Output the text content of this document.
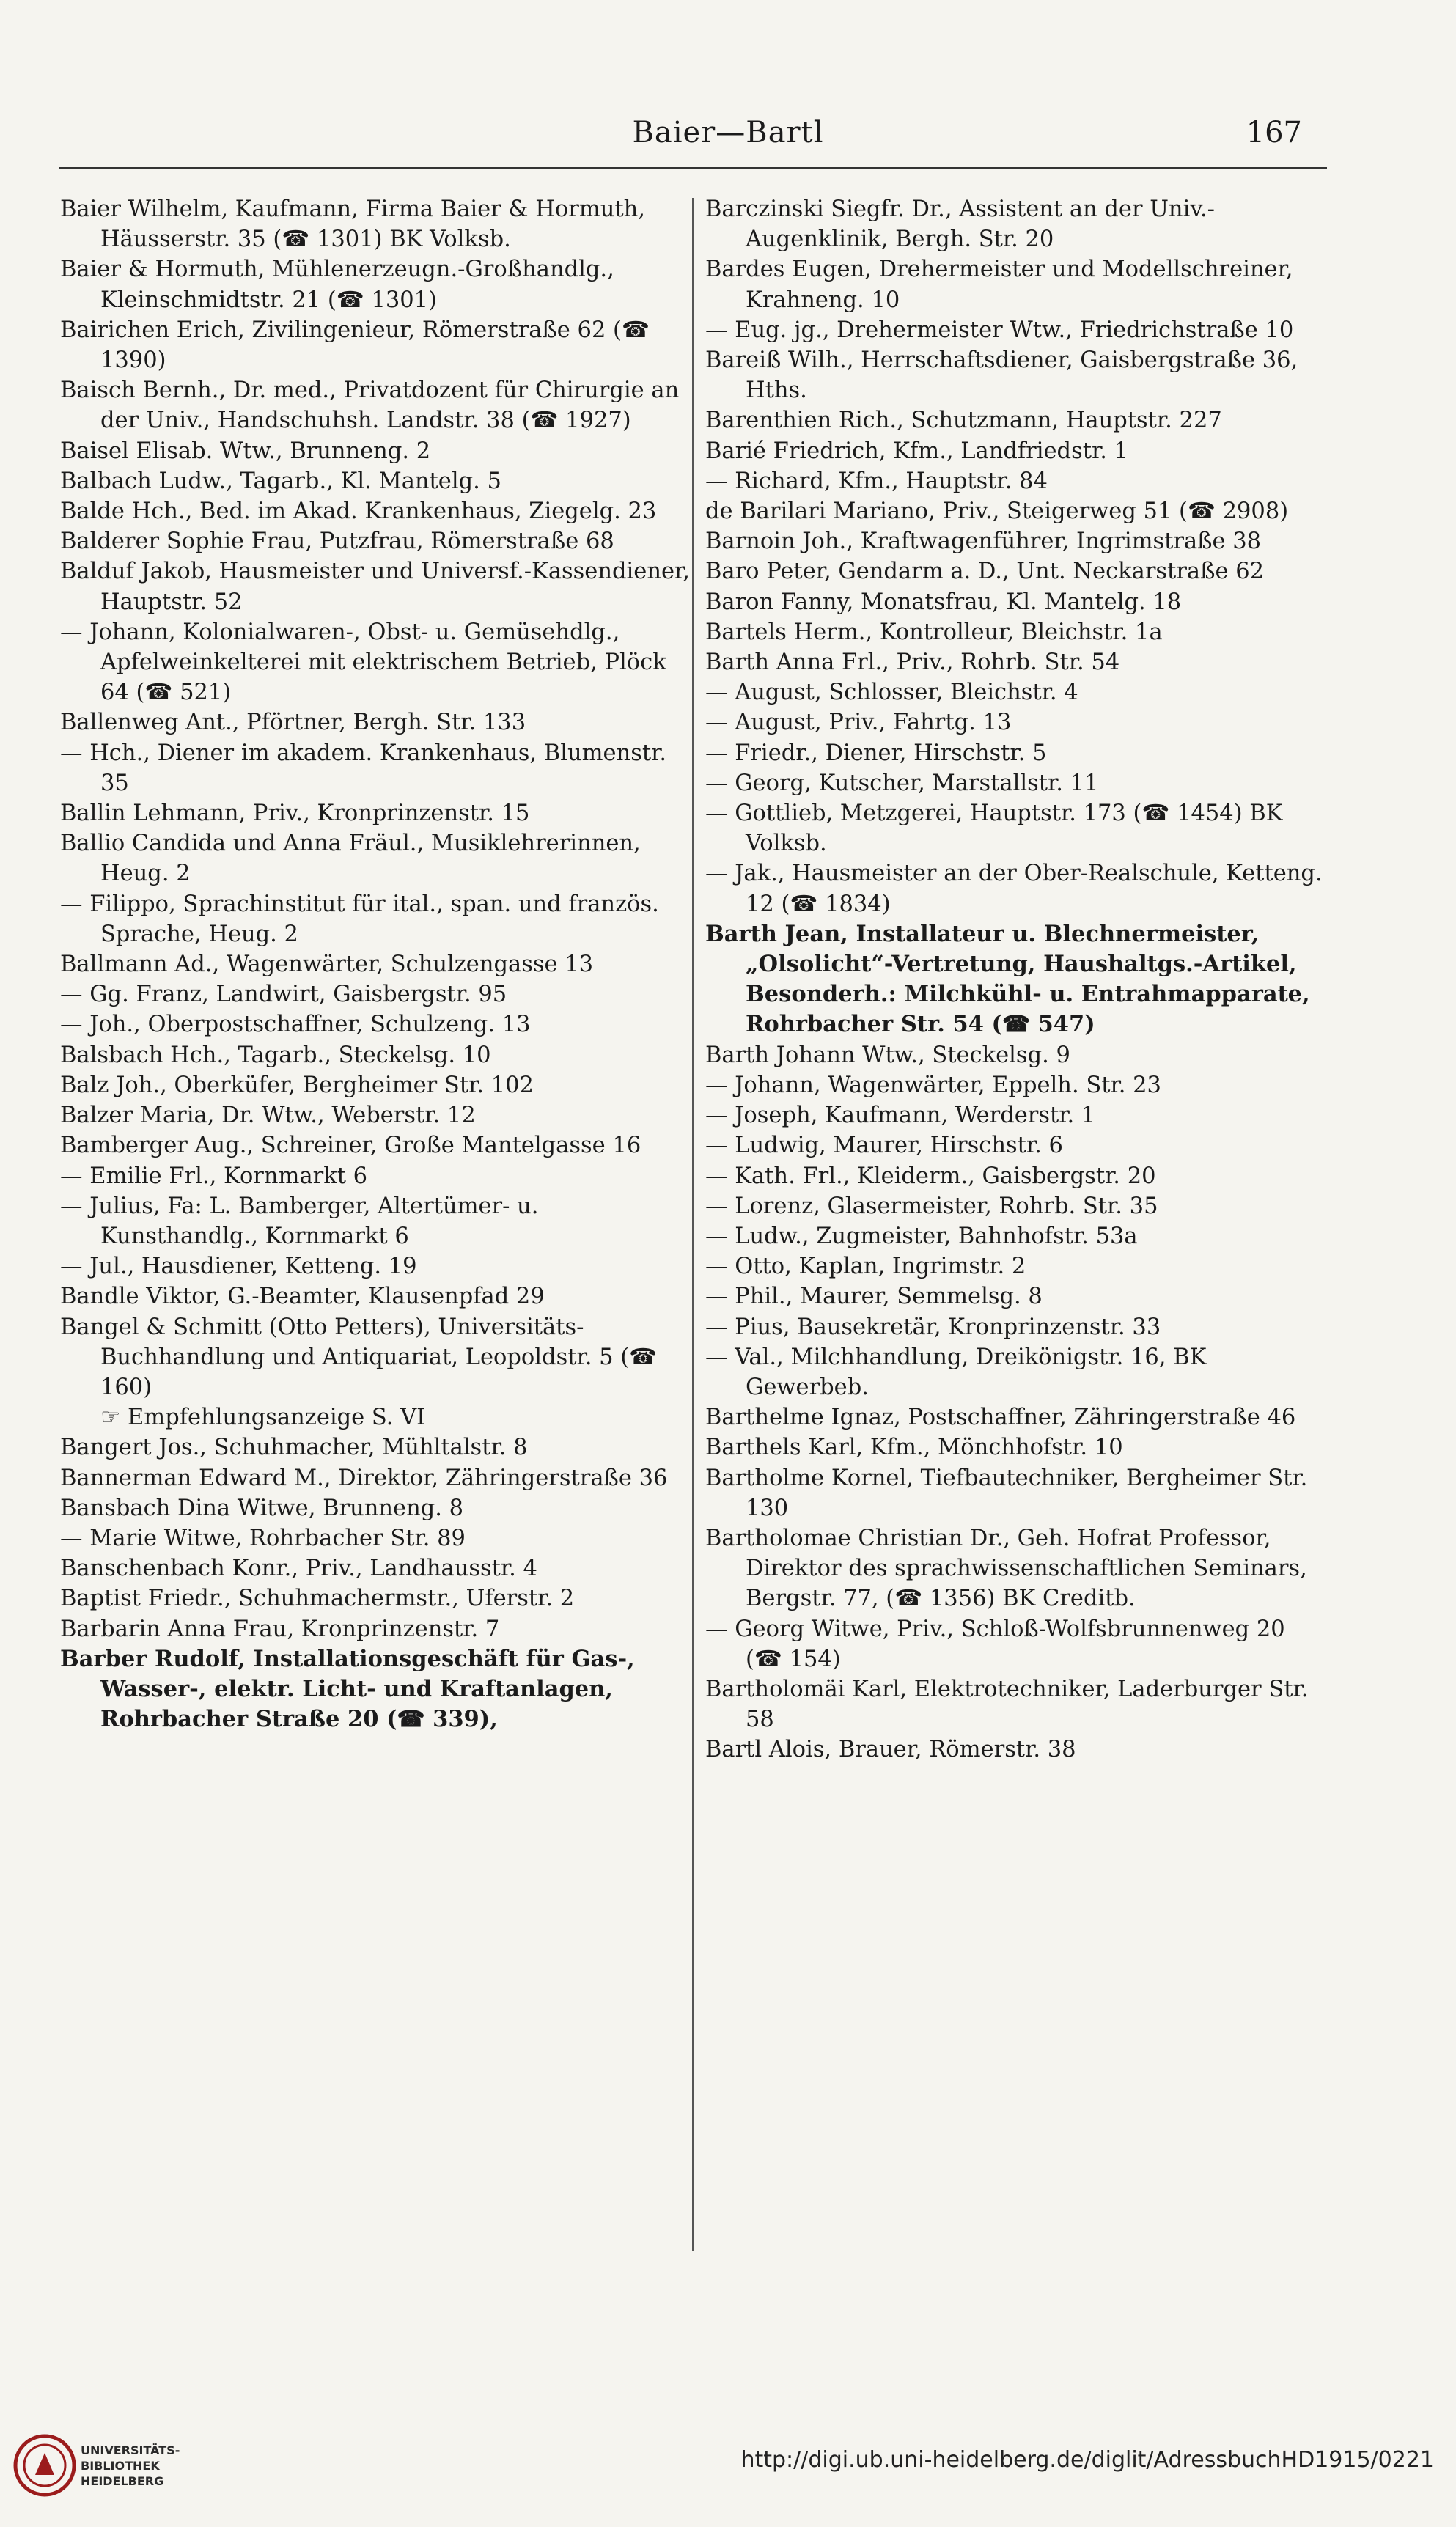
Baier—Bartl	167

Baier Wilhelm, Kaufmann, Firma Baier & Hormuth, Häusserstr. 35 (☎ 1301) BK Volksb.

Baier & Hormuth, Mühlenerzeugn.-Großhandlg., Kleinschmidtstr. 21 (☎ 1301)

Bairichen Erich, Zivilingenieur, Römerstraße 62 (☎ 1390)

Baisch Bernh., Dr. med., Privatdozent für Chirurgie an der Univ., Handschuhsh. Landstr. 38 (☎ 1927)

Baisel Elisab. Wtw., Brunneng. 2

Balbach Ludw., Tagarb., Kl. Mantelg. 5

Balde Hch., Bed. im Akad. Krankenhaus, Ziegelg. 23

Balderer Sophie Frau, Putzfrau, Römerstraße 68

Balduf Jakob, Hausmeister und Universf.-Kassendiener, Hauptstr. 52

— Johann, Kolonialwaren-, Obst- u. Gemüsehdlg., Apfelweinkelterei mit elektrischem Betrieb, Plöck 64 (☎ 521)

Ballenweg Ant., Pförtner, Bergh. Str. 133

— Hch., Diener im akadem. Krankenhaus, Blumenstr. 35

Ballin Lehmann, Priv., Kronprinzenstr. 15

Ballio Candida und Anna Fräul., Musiklehrerinnen, Heug. 2

— Filippo, Sprachinstitut für ital., span. und französ. Sprache, Heug. 2

Ballmann Ad., Wagenwärter, Schulzengasse 13

— Gg. Franz, Landwirt, Gaisbergstr. 95

— Joh., Oberpostschaffner, Schulzeng. 13

Balsbach Hch., Tagarb., Steckelsg. 10

Balz Joh., Oberküfer, Bergheimer Str. 102

Balzer Maria, Dr. Wtw., Weberstr. 12

Bamberger Aug., Schreiner, Große Mantelgasse 16

— Emilie Frl., Kornmarkt 6

— Julius, Fa: L. Bamberger, Altertümer- u. Kunsthandlg., Kornmarkt 6

— Jul., Hausdiener, Ketteng. 19

Bandle Viktor, G.-Beamter, Klausenpfad 29

Bangel & Schmitt (Otto Petters), Universitäts-Buchhandlung und Antiquariat, Leopoldstr. 5 (☎ 160)

☞ Empfehlungsanzeige S. VI

Bangert Jos., Schuhmacher, Mühltalstr. 8

Bannerman Edward M., Direktor, Zähringerstraße 36

Bansbach Dina Witwe, Brunneng. 8

— Marie Witwe, Rohrbacher Str. 89

Banschenbach Konr., Priv., Landhausstr. 4

Baptist Friedr., Schuhmachermstr., Uferstr. 2

Barbarin Anna Frau, Kronprinzenstr. 7

Barber Rudolf, Installationsgeschäft für Gas-, Wasser-, elektr. Licht- und Kraftanlagen, Rohrbacher Straße 20 (☎ 339),

Barczinski Siegfr. Dr., Assistent an der Univ.-Augenklinik, Bergh. Str. 20

Bardes Eugen, Drehermeister und Modellschreiner, Krahneng. 10

— Eug. jg., Drehermeister Wtw., Friedrichstraße 10

Bareiß Wilh., Herrschaftsdiener, Gaisbergstraße 36, Hths.

Barenthien Rich., Schutzmann, Hauptstr. 227

Barié Friedrich, Kfm., Landfriedstr. 1

— Richard, Kfm., Hauptstr. 84

de Barilari Mariano, Priv., Steigerweg 51 (☎ 2908)

Barnoin Joh., Kraftwagenführer, Ingrimstraße 38

Baro Peter, Gendarm a. D., Unt. Neckarstraße 62

Baron Fanny, Monatsfrau, Kl. Mantelg. 18

Bartels Herm., Kontrolleur, Bleichstr. 1a

Barth Anna Frl., Priv., Rohrb. Str. 54

— August, Schlosser, Bleichstr. 4

— August, Priv., Fahrtg. 13

— Friedr., Diener, Hirschstr. 5

— Georg, Kutscher, Marstallstr. 11

— Gottlieb, Metzgerei, Hauptstr. 173 (☎ 1454) BK Volksb.

— Jak., Hausmeister an der Ober-Realschule, Ketteng. 12 (☎ 1834)

Barth Jean, Installateur u. Blechnermeister, „Olsolicht“-Vertretung, Haushaltgs.-Artikel, Besonderh.: Milchkühl- u. Entrahmapparate, Rohrbacher Str. 54 (☎ 547)

Barth Johann Wtw., Steckelsg. 9

— Johann, Wagenwärter, Eppelh. Str. 23

— Joseph, Kaufmann, Werderstr. 1

— Ludwig, Maurer, Hirschstr. 6

— Kath. Frl., Kleiderm., Gaisbergstr. 20

— Lorenz, Glasermeister, Rohrb. Str. 35

— Ludw., Zugmeister, Bahnhofstr. 53a

— Otto, Kaplan, Ingrimstr. 2

— Phil., Maurer, Semmelsg. 8

— Pius, Bausekretär, Kronprinzenstr. 33

— Val., Milchhandlung, Dreikönigstr. 16, BK Gewerbeb.

Barthelme Ignaz, Postschaffner, Zähringerstraße 46

Barthels Karl, Kfm., Mönchhofstr. 10

Bartholme Kornel, Tiefbautechniker, Bergheimer Str. 130

Bartholomae Christian Dr., Geh. Hofrat Professor, Direktor des sprachwissenschaftlichen Seminars, Bergstr. 77, (☎ 1356) BK Creditb.

— Georg Witwe, Priv., Schloß-Wolfsbrunnenweg 20 (☎ 154)

Bartholomäi Karl, Elektrotechniker, Laderburger Str. 58

Bartl Alois, Brauer, Römerstr. 38

UNIVERSITÄTS-
BIBLIOTHEK
HEIDELBERG
http://digi.ub.uni-heidelberg.de/diglit/AdressbuchHD1915/0221
